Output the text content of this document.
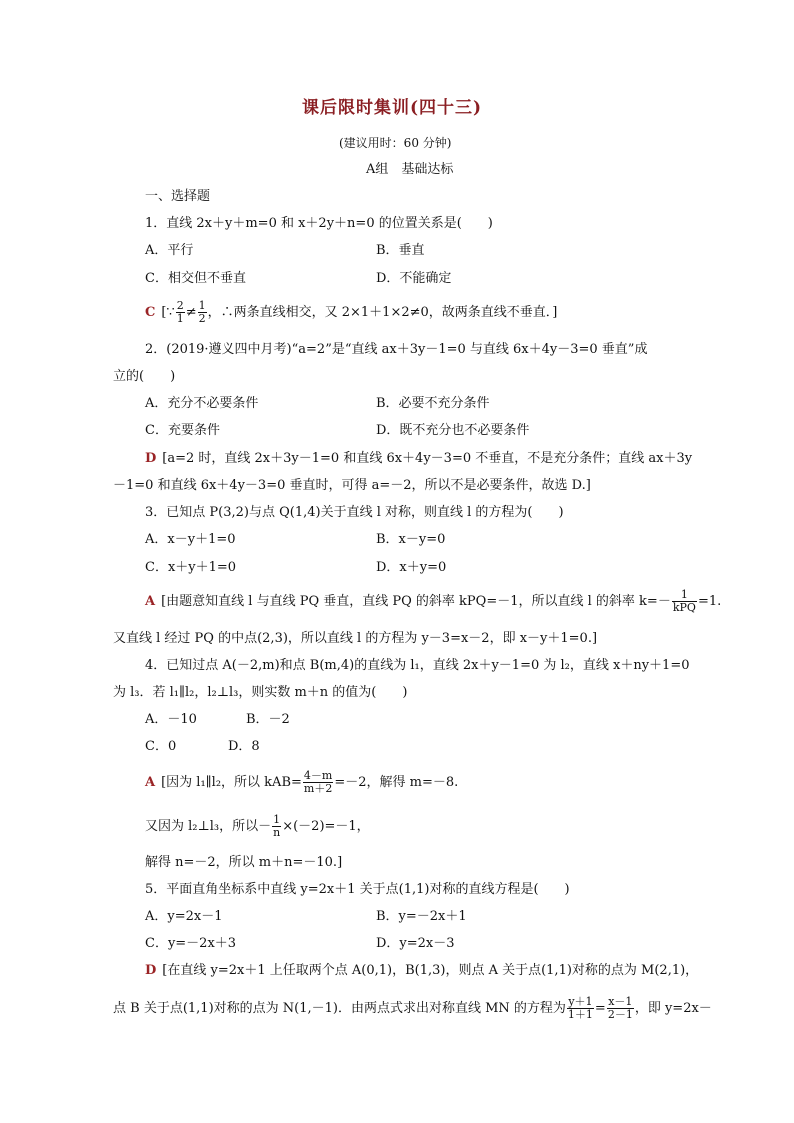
课后限时集训(四十三)
(建议用时：60 分钟)
A组　基础达标
一、选择题
1．直线 2x＋y＋m=0 和 x＋2y＋n=0 的位置关系是(　　)
A．平行	B．垂直
C．相交但不垂直	D．不能确定
C [∵ $\frac{2}{1} \ne \frac{1}{2}$ ，∴两条直线相交，又 2×1＋1×2≠0，故两条直线不垂直．]
2．(2019·遵义四中月考)“a=2”是“直线 ax＋3y－1=0 与直线 6x＋4y－3=0 垂直”成
立的(　　)
A．充分不必要条件	B．必要不充分条件
C．充要条件	D．既不充分也不必要条件
D [a=2 时，直线 2x＋3y－1=0 和直线 6x＋4y－3=0 不垂直，不是充分条件；直线 ax＋3y
－1=0 和直线 6x＋4y－3=0 垂直时，可得 a=－2，所以不是必要条件，故选 D.]
3．已知点 P(3,2)与点 Q(1,4)关于直线 l 对称，则直线 l 的方程为(　　)
A．x－y＋1=0	B．x－y=0
C．x＋y＋1=0	D．x＋y=0
A [由题意知直线 l 与直线 PQ 垂直，直线 PQ 的斜率 kPQ=－1，所以直线 l 的斜率 $k=- \frac{1}{\text{kPQ}} =1$.
又直线 l 经过 PQ 的中点(2,3)，所以直线 l 的方程为 y－3=x－2，即 x－y＋1=0.]
4．已知过点 A(－2,m)和点 B(m,4)的直线为 l₁，直线 2x＋y－1=0 为 l₂，直线 x＋ny＋1=0
为 l₃．若 l₁∥l₂，l₂⊥l₃，则实数 m＋n 的值为(　　)
A．－10	B．－2
C．0	D．8
A [因为 l₁∥l₂，所以 $kAB= \frac{4-m}{m+2} =-2$，解得 m=－8.
又因为 l₂⊥l₃，所以－ $\frac{1}{n} \times(-2)=-1$，
解得 n=－2，所以 m＋n=－10.]
5．平面直角坐标系中直线 y=2x＋1 关于点(1,1)对称的直线方程是(　　)
A．y=2x－1	B．y=－2x＋1
C．y=－2x＋3	D．y=2x－3
D [在直线 y=2x＋1 上任取两个点 A(0,1)，B(1,3)，则点 A 关于点(1,1)对称的点为 M(2,1)，
点 B 关于点(1,1)对称的点为 N(1,－1)．由两点式求出对称直线 MN 的方程为 $\frac{y+1}{1+1} = \frac{x-1}{2-1}$ ，即 y=2x－
